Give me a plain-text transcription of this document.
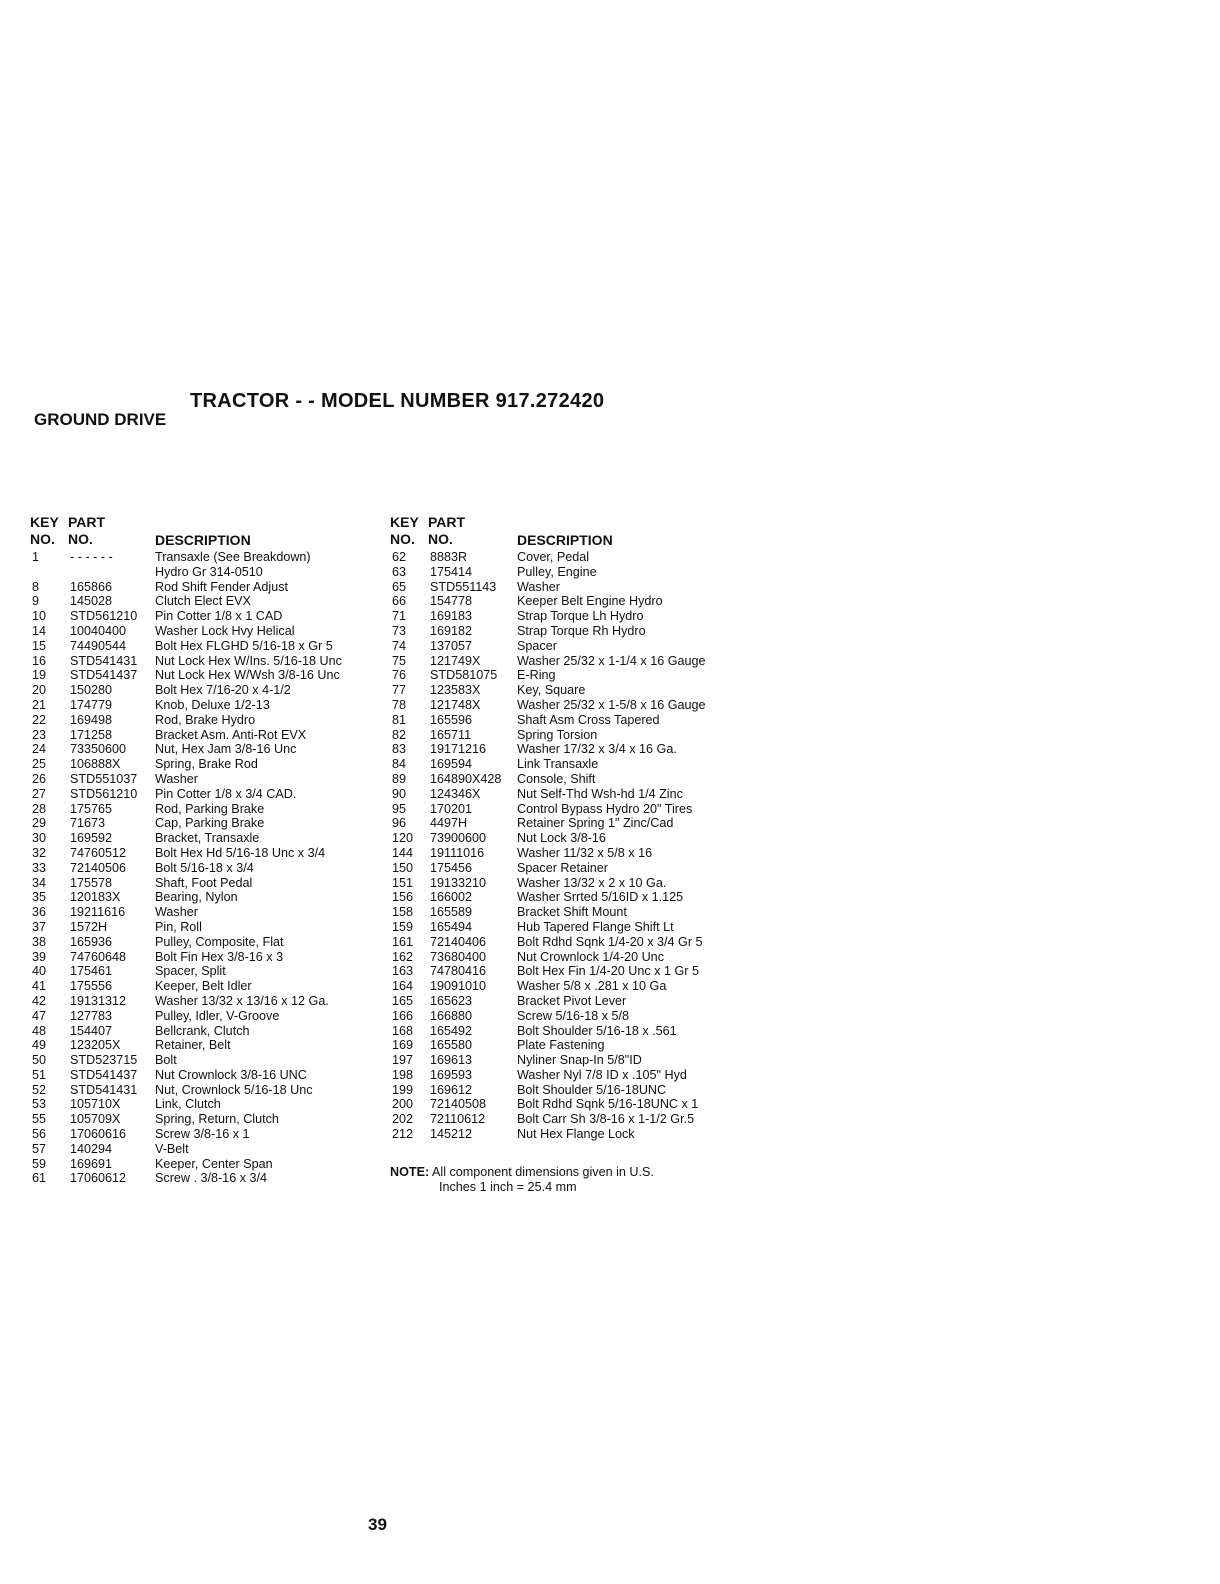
TRACTOR - - MODEL NUMBER 917.272420
GROUND DRIVE
KEY PART
NO. NO.	DESCRIPTION
1 - - - - - -	Transaxle (See Breakdown)
Hydro Gr 314-0510
8 165866	Rod Shift Fender Adjust
9 145028	Clutch Elect EVX
10 STD561210 Pin Cotter 1/8 x 1 CAD
14 10040400 Washer Lock Hvy Helical
15 74490544 Bolt Hex FLGHD 5/16-18 x Gr 5
16 STD541431 Nut Lock Hex W/Ins. 5/16-18 Unc
19 STD541437 Nut Lock Hex W/Wsh 3/8-16 Unc
20 150280	Bolt Hex 7/16-20 x 4-1/2
21 174779	Knob, Deluxe 1/2-13
22 169498	Rod, Brake Hydro
23 171258	Bracket Asm. Anti-Rot EVX
24 73350600 Nut, Hex Jam 3/8-16 Unc
25 106888X	Spring, Brake Rod
26 STD551037 Washer
27 STD561210 Pin Cotter 1/8 x 3/4 CAD.
28 175765	Rod, Parking Brake
29 71673	Cap, Parking Brake
30 169592	Bracket, Transaxle
32 74760512 Bolt Hex Hd 5/16-18 Unc x 3/4
33 72140506 Bolt 5/16-18 x 3/4
34 175578	Shaft, Foot Pedal
35 120183X	Bearing, Nylon
36 19211616 Washer
37 1572H	Pin, Roll
38 165936	Pulley, Composite, Flat
39 74760648 Bolt Fin Hex 3/8-16 x 3
40 175461	Spacer, Split
41 175556	Keeper, Belt Idler
42 19131312 Washer 13/32 x 13/16 x 12 Ga.
47 127783	Pulley, Idler, V-Groove
48 154407	Bellcrank, Clutch
49 123205X	Retainer, Belt
50 STD523715 Bolt
51 STD541437 Nut Crownlock 3/8-16 UNC
52 STD541431 Nut, Crownlock 5/16-18 Unc
53 105710X	Link, Clutch
55 105709X	Spring, Return, Clutch
56 17060616 Screw 3/8-16 x 1
57 140294	V-Belt
59 169691	Keeper, Center Span
61 17060612 Screw . 3/8-16 x 3/4
KEY PART
NO. NO.	DESCRIPTION
62 8883R	Cover, Pedal
63 175414	Pulley, Engine
65 STD551143 Washer
66 154778	Keeper Belt Engine Hydro
71 169183	Strap Torque Lh Hydro
73 169182	Strap Torque Rh Hydro
74 137057	Spacer
75 121749X	Washer 25/32 x 1-1/4 x 16 Gauge
76 STD581075 E-Ring
77 123583X	Key, Square
78 121748X	Washer 25/32 x 1-5/8 x 16 Gauge
81 165596	Shaft Asm Cross Tapered
82 165711	Spring Torsion
83 19171216 Washer 17/32 x 3/4 x 16 Ga.
84 169594	Link Transaxle
89 164890X428 Console, Shift
90 124346X	Nut Self-Thd Wsh-hd 1/4 Zinc
95 170201	Control Bypass Hydro 20" Tires
96 4497H	Retainer Spring 1" Zinc/Cad
120 73900600 Nut Lock 3/8-16
144 19111016	Washer 11/32 x 5/8 x 16
150 175456	Spacer Retainer
151 19133210 Washer 13/32 x 2 x 10 Ga.
156 166002	Washer Srrted 5/16ID x 1.125
158 165589	Bracket Shift Mount
159 165494	Hub Tapered Flange Shift Lt
161 72140406 Bolt Rdhd Sqnk 1/4-20 x 3/4 Gr 5
162 73680400 Nut Crownlock 1/4-20 Unc
163 74780416 Bolt Hex Fin 1/4-20 Unc x 1 Gr 5
164 19091010 Washer 5/8 x .281 x 10 Ga
165 165623	Bracket Pivot Lever
166 166880	Screw 5/16-18 x 5/8
168 165492	Bolt Shoulder 5/16-18 x .561
169 165580	Plate Fastening
197 169613	Nyliner Snap-In 5/8"ID
198 169593	Washer Nyl 7/8 ID x .105" Hyd
199 169612	Bolt Shoulder 5/16-18UNC
200 72140508 Bolt Rdhd Sqnk 5/16-18UNC x 1
202 72110612	Bolt Carr Sh 3/8-16 x 1-1/2 Gr.5
212 145212	Nut Hex Flange Lock
NOTE: All component dimensions given in U.S.
Inches 1 inch = 25.4 mm
39
